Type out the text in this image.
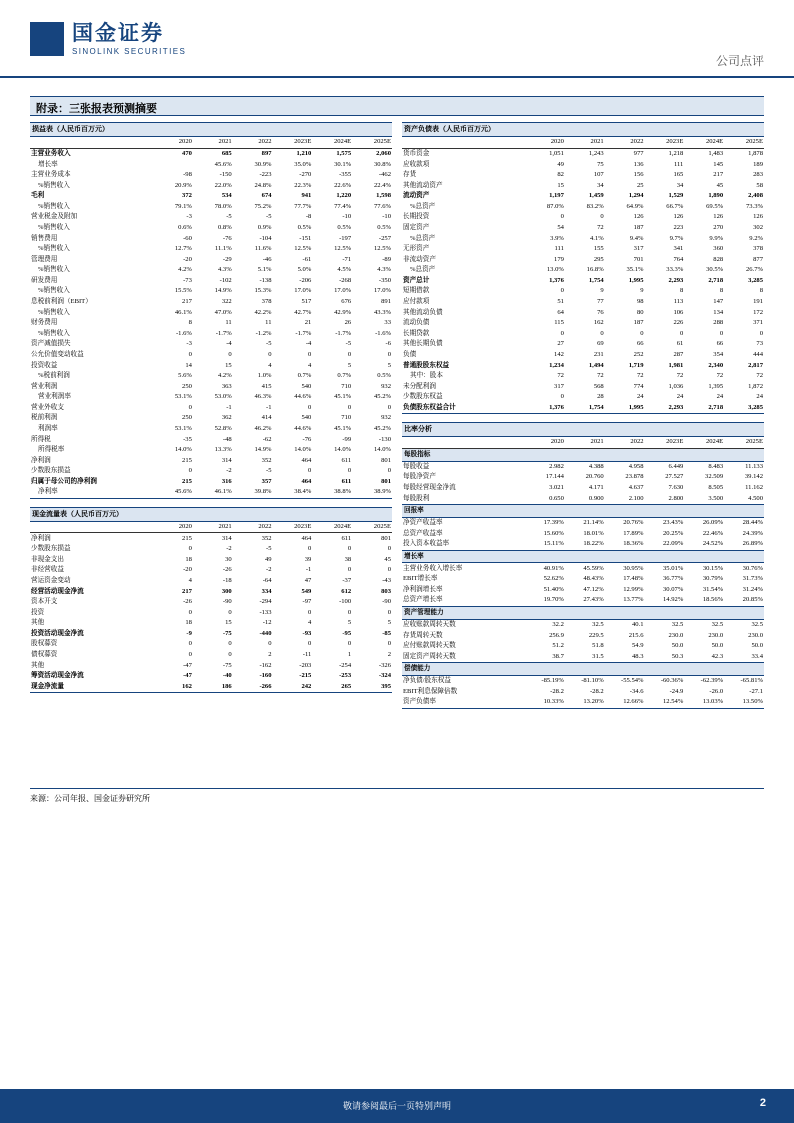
国金证券
SINOLINK SECURITIES
公司点评
附录：三张报表预测摘要
损益表（人民币百万元）						
	2020	2021	2022	2023E	2024E	2025E
主营业务收入	470	685	897	1,210	1,575	2,060
增长率		45.6%	30.9%	35.0%	30.1%	30.8%
主营业务成本	-98	-150	-223	-270	-355	-462
%销售收入	20.9%	22.0%	24.8%	22.3%	22.6%	22.4%
毛利	372	534	674	941	1,220	1,598
%销售收入	79.1%	78.0%	75.2%	77.7%	77.4%	77.6%
营业税金及附加	-3	-5	-5	-8	-10	-10
%销售收入	0.6%	0.8%	0.9%	0.5%	0.5%	0.5%
销售费用	-60	-76	-104	-151	-197	-257
%销售收入	12.7%	11.1%	11.6%	12.5%	12.5%	12.5%
管理费用	-20	-29	-46	-61	-71	-89
%销售收入	4.2%	4.3%	5.1%	5.0%	4.5%	4.3%
研发费用	-73	-102	-138	-206	-268	-350
%销售收入	15.5%	14.9%	15.3%	17.0%	17.0%	17.0%
息税前利润（EBIT）	217	322	378	517	676	891
%销售收入	46.1%	47.0%	42.2%	42.7%	42.9%	43.3%
财务费用	8	11	11	21	26	33
%销售收入	-1.6%	-1.7%	-1.2%	-1.7%	-1.7%	-1.6%
资产减值损失	-3	-4	-5	-4	-5	-6
公允价值变动收益	0	0	0	0	0	0
投资收益	14	15	4	4	5	5
%税前利润	5.6%	4.2%	1.0%	0.7%	0.7%	0.5%
营业利润	250	363	415	540	710	932
营业利润率	53.1%	53.0%	46.3%	44.6%	45.1%	45.2%
营业外收支	0	-1	-1	0	0	0
税前利润	250	362	414	540	710	932
利润率	53.1%	52.8%	46.2%	44.6%	45.1%	45.2%
所得税	-35	-48	-62	-76	-99	-130
所得税率	14.0%	13.3%	14.9%	14.0%	14.0%	14.0%
净利润	215	314	352	464	611	801
少数股东损益	0	-2	-5	0	0	0
归属于母公司的净利润	215	316	357	464	611	801
净利率	45.6%	46.1%	39.8%	38.4%	38.8%	38.9%
现金流量表（人民币百万元）						
	2020	2021	2022	2023E	2024E	2025E
净利润	215	314	352	464	611	801
少数股东损益	0	-2	-5	0	0	0
非现金支出	18	30	49	39	38	45
非经营收益	-20	-26	-2	-1	0	0
营运资金变动	4	-18	-64	47	-37	-43
经营活动现金净流	217	300	334	549	612	803
资本开支	-26	-90	-294	-97	-100	-90
投资	0	0	-133	0	0	0
其他	18	15	-12	4	5	5
投资活动现金净流	-9	-75	-440	-93	-95	-85
股权募资	0	0	0	0	0	0
债权募资	0	0	2	-11	1	2
其他	-47	-75	-162	-203	-254	-326
筹资活动现金净流	-47	-40	-160	-215	-253	-324
现金净流量	162	186	-266	242	265	395
资产负债表（人民币百万元）						
	2020	2021	2022	2023E	2024E	2025E
货币资金	1,051	1,243	977	1,218	1,483	1,878
应收款项	49	75	136	111	145	189
存货	82	107	156	165	217	283
其他流动资产	15	34	25	34	45	58
流动资产	1,197	1,459	1,294	1,529	1,890	2,408
%总资产	87.0%	83.2%	64.9%	66.7%	69.5%	73.3%
长期投资	0	0	126	126	126	126
固定资产	54	72	187	223	270	302
%总资产	3.9%	4.1%	9.4%	9.7%	9.9%	9.2%
无形资产	111	155	317	341	360	378
非流动资产	179	295	701	764	828	877
%总资产	13.0%	16.8%	35.1%	33.3%	30.5%	26.7%
资产总计	1,376	1,754	1,995	2,293	2,718	3,285
短期借款	0	9	9	8	8	8
应付款项	51	77	98	113	147	191
其他流动负债	64	76	80	106	134	172
流动负债	115	162	187	226	288	371
长期贷款	0	0	0	0	0	0
其他长期负债	27	69	66	61	66	73
负债	142	231	252	287	354	444
普通股股东权益	1,234	1,494	1,719	1,981	2,340	2,817
其中：股本	72	72	72	72	72	72
未分配利润	317	568	774	1,036	1,395	1,872
少数股东权益	0	28	24	24	24	24
负债股东权益合计	1,376	1,754	1,995	2,293	2,718	3,285
比率分析						
	2020	2021	2022	2023E	2024E	2025E
每股指标						
每股收益	2.982	4.388	4.958	6.449	8.483	11.133
每股净资产	17.144	20.760	23.878	27.527	32.509	39.142
每股经营现金净流	3.021	4.171	4.637	7.630	8.505	11.162
每股股利	0.650	0.900	2.100	2.800	3.500	4.500
回报率						
净资产收益率	17.39%	21.14%	20.76%	23.43%	26.09%	28.44%
总资产收益率	15.60%	18.01%	17.89%	20.25%	22.46%	24.39%
投入资本收益率	15.11%	18.22%	18.36%	22.09%	24.52%	26.89%
增长率						
主营业务收入增长率	40.91%	45.59%	30.95%	35.01%	30.15%	30.76%
EBIT增长率	52.62%	48.43%	17.48%	36.77%	30.79%	31.73%
净利润增长率	51.40%	47.12%	12.99%	30.07%	31.54%	31.24%
总资产增长率	19.70%	27.43%	13.77%	14.92%	18.56%	20.85%
资产管理能力						
应收账款周转天数	32.2	32.5	40.1	32.5	32.5	32.5
存货周转天数	256.9	229.5	215.6	230.0	230.0	230.0
应付账款周转天数	51.2	51.8	54.9	50.0	50.0	50.0
固定资产周转天数	38.7	31.5	48.3	50.3	42.3	33.4
偿债能力						
净负债/股东权益	-85.19%	-81.10%	-55.54%	-60.36%	-62.39%	-65.81%
EBIT利息保障倍数	-28.2	-28.2	-34.6	-24.9	-26.0	-27.1
资产负债率	10.33%	13.20%	12.66%	12.54%	13.03%	13.50%
来源：公司年报、国金证券研究所
敬请参阅最后一页特别声明	2
